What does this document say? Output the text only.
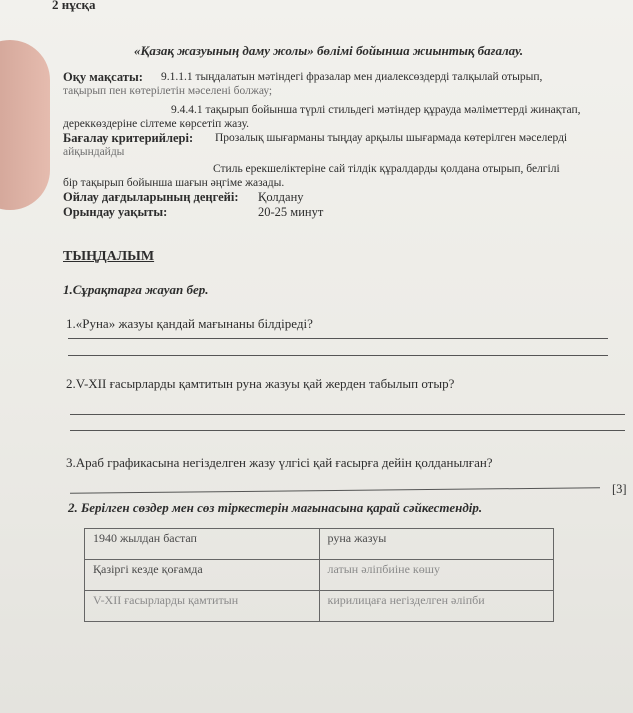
2 нұсқа
«Қазақ жазуының даму жолы» бөлімі бойынша жиынтық бағалау.
Оқу мақсаты: 9.1.1.1 тыңдалатын мәтіндегі фразалар мен диалексөздерді талқылай отырып,
тақырып пен көтерілетін мәселені болжау;
9.4.4.1 тақырып бойынша түрлі стильдегі мәтіндер құрауда мәліметтерді жинақтап,
дереккөздеріне сілтеме көрсетіп жазу.
Бағалау критерийлері: Прозалық шығарманы тыңдау арқылы шығармада көтерілген мәселерді
айқындайды
Стиль ерекшеліктеріне сай тілдік құралдарды қолдана отырып, белгілі
бір тақырып бойынша шағын әңгіме жазады.
Ойлау дағдыларының деңгейі: Қолдану
Орындау уақыты:	20-25 минут
ТЫҢДАЛЫМ
1.Сұрақтарға жауап бер.
1.«Руна» жазуы қандай мағынаны білдіреді?
2.V-XII ғасырларды қамтитын руна жазуы қай жерден табылып отыр?
3.Араб графикасына негізделген жазу үлгісі қай ғасырға дейін қолданылған?
[3]
2. Берілген сөздер мен сөз тіркестерін мағынасына қарай сәйкестендір.
1940 жылдан бастап	руна жазуы
Қазіргі кезде қоғамда	латын әліпбиіне көшу
V-XII ғасырларды қамтитын	кирилицаға негізделген әліпби
